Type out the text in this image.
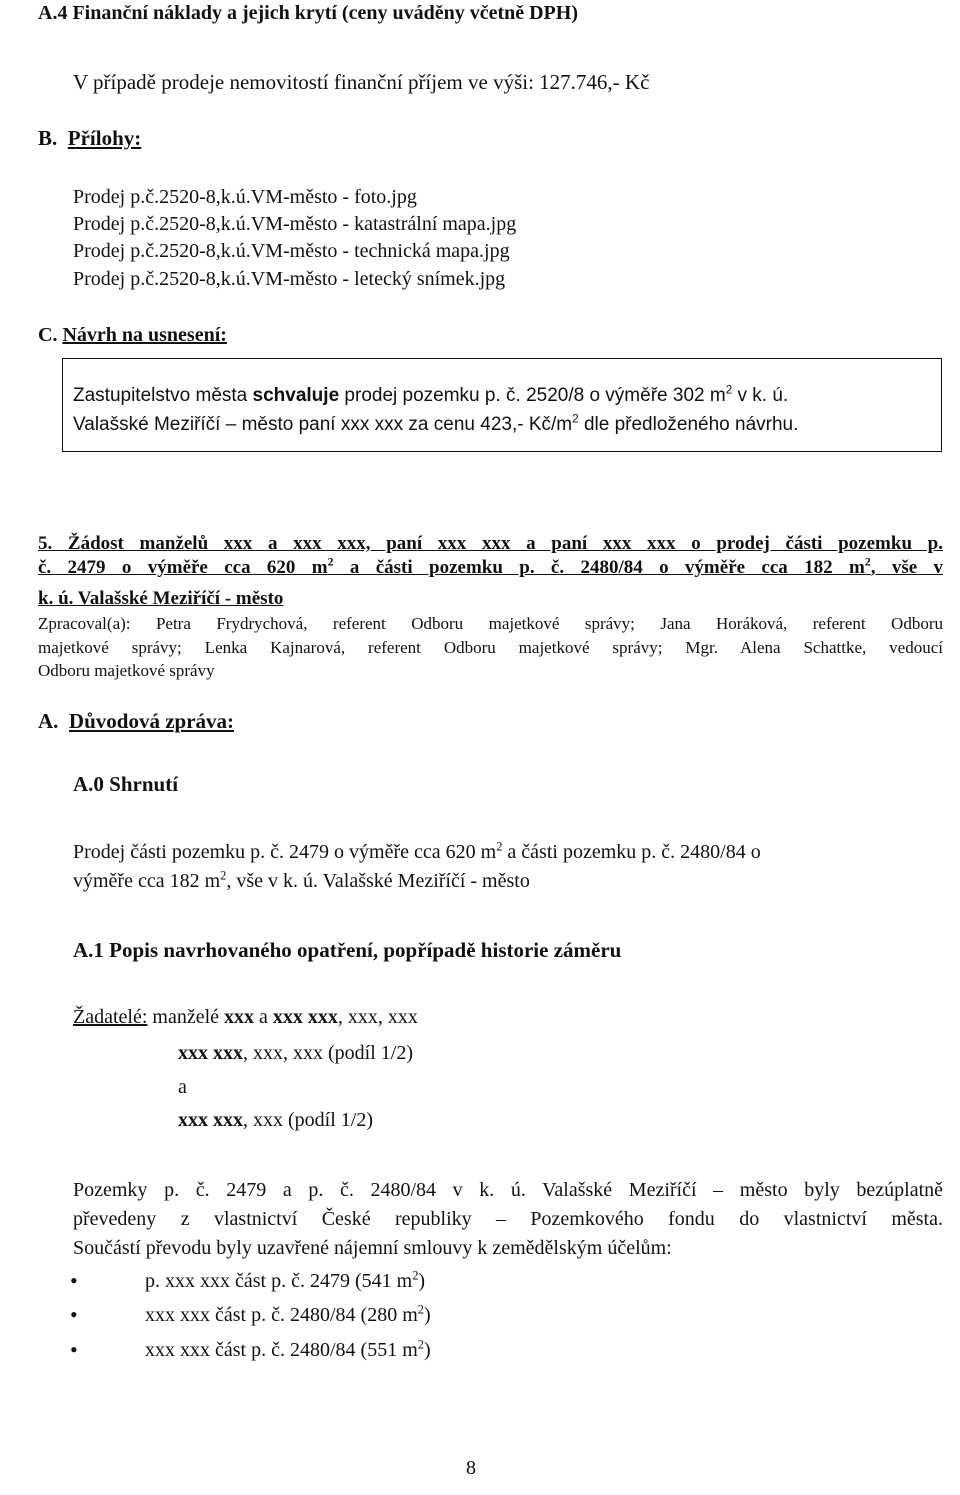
A.4 Finanční náklady a jejich krytí (ceny uváděny včetně DPH)
V případě prodeje nemovitostí finanční příjem ve výši: 127.746,- Kč
B. Přílohy:
Prodej p.č.2520-8,k.ú.VM-město - foto.jpg
Prodej p.č.2520-8,k.ú.VM-město - katastrální mapa.jpg
Prodej p.č.2520-8,k.ú.VM-město - technická mapa.jpg
Prodej p.č.2520-8,k.ú.VM-město - letecký snímek.jpg
C. Návrh na usnesení:
Zastupitelstvo města schvaluje prodej pozemku p. č. 2520/8 o výměře 302 $m^2$ v k. ú.
Valašské Meziříčí – město paní xxx xxx za cenu 423,- $Kč/m^2$ dle předloženého návrhu.
5. Žádost manželů xxx a xxx xxx, paní xxx xxx a paní xxx xxx o prodej části pozemku p.
č. 2479 o výměře cca 620 $m^2$ a části pozemku p. č. 2480/84 o výměře cca 182 $m^2$, vše v
k. ú. Valašské Meziříčí - město
Zpracoval(a): Petra Frydrychová, referent Odboru majetkové správy; Jana Horáková, referent Odboru
majetkové správy; Lenka Kajnarová, referent Odboru majetkové správy; Mgr. Alena Schattke, vedoucí
Odboru majetkové správy
A. Důvodová zpráva:
A.0 Shrnutí
Prodej části pozemku p. č. 2479 o výměře cca 620 $m^2$ a části pozemku p. č. 2480/84 o
výměře cca 182 $m^2$, vše v k. ú. Valašské Meziříčí - město
A.1 Popis navrhovaného opatření, popřípadě historie záměru
Žadatelé: manželé xxx a xxx xxx, xxx, xxx
xxx xxx, xxx, xxx (podíl 1/2)
a
xxx xxx, xxx (podíl 1/2)
Pozemky p. č. 2479 a p. č. 2480/84 v k. ú. Valašské Meziříčí – město byly bezúplatně
převedeny z vlastnictví České republiky – Pozemkového fondu do vlastnictví města.
Součástí převodu byly uzavřené nájemní smlouvy k zemědělským účelům:
•	p. xxx xxx část p. č. 2479 (541 $m^2$)
•	xxx xxx část p. č. 2480/84 (280 $m^2$)
•	xxx xxx část p. č. 2480/84 (551 $m^2$)
8
